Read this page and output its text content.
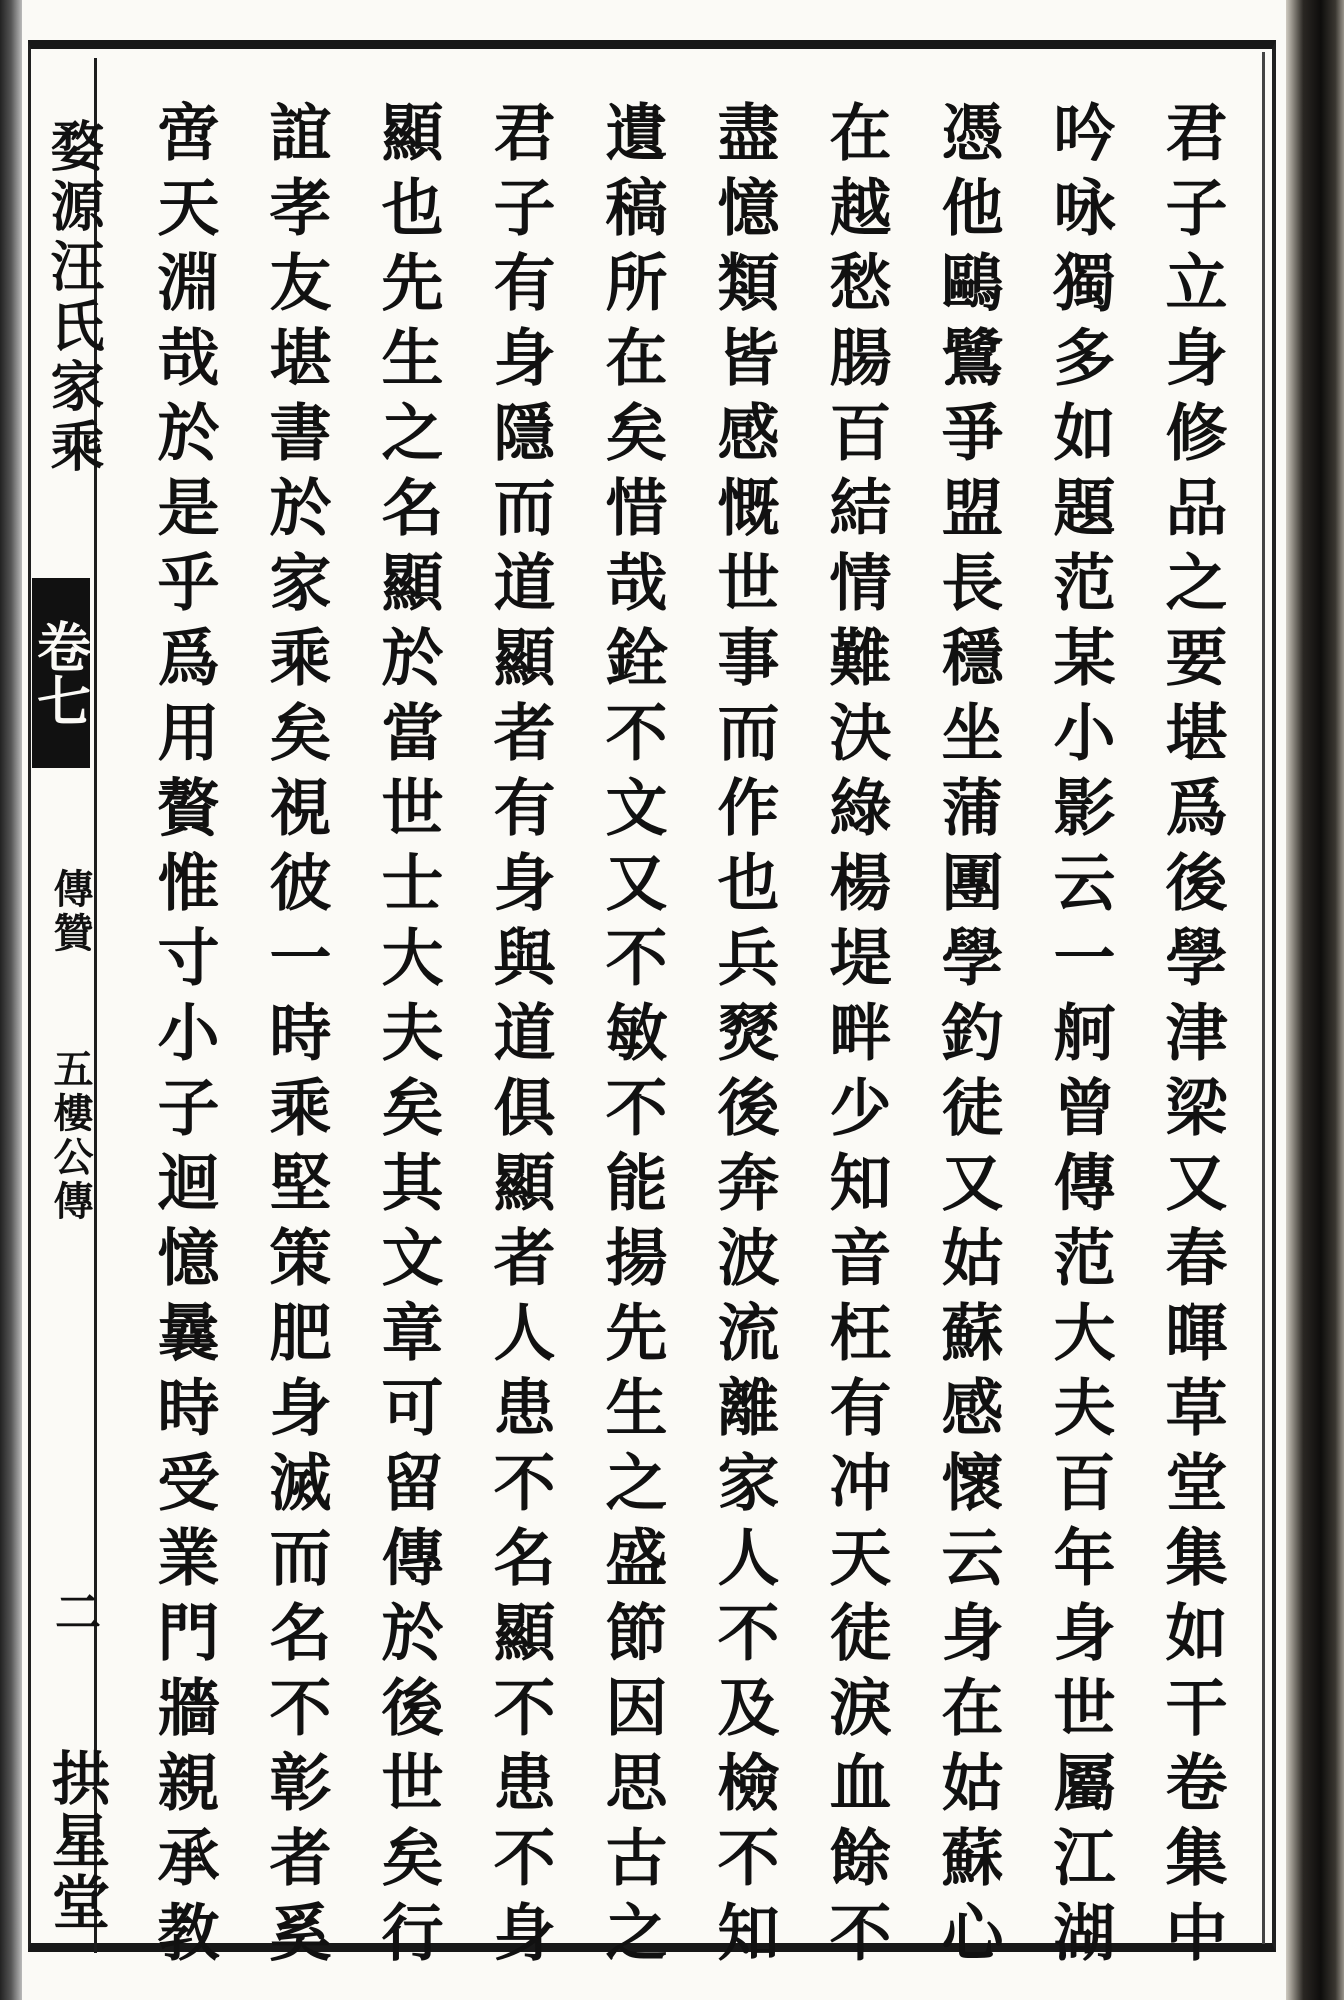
婺源汪氏家乘
卷七
傳贊
五樓公傳
二
拱星堂	君子立身修品之要堪爲後學津梁又春暉草堂集如干卷集中
吟咏獨多如題范某小影云一舸曾傳范大夫百年身世屬江湖
憑他鷗鷺爭盟長穩坐蒲團學釣徒又姑蘇感懷云身在姑蘇心
在越愁腸百結情難決綠楊堤畔少知音枉有冲天徒淚血餘不
盡憶類皆感慨世事而作也兵燹後奔波流離家人不及檢不知
遺稿所在矣惜哉銓不文又不敏不能揚先生之盛節因思古之
君子有身隱而道顯者有身與道俱顯者人患不名顯不患不身
顯也先生之名顯於當世士大夫矣其文章可留傳於後世矣行
誼孝友堪書於家乘矣視彼一時乘堅策肥身滅而名不彰者奚
啻天淵哉於是乎爲用贅惟寸小子迴憶曩時受業門牆親承教
